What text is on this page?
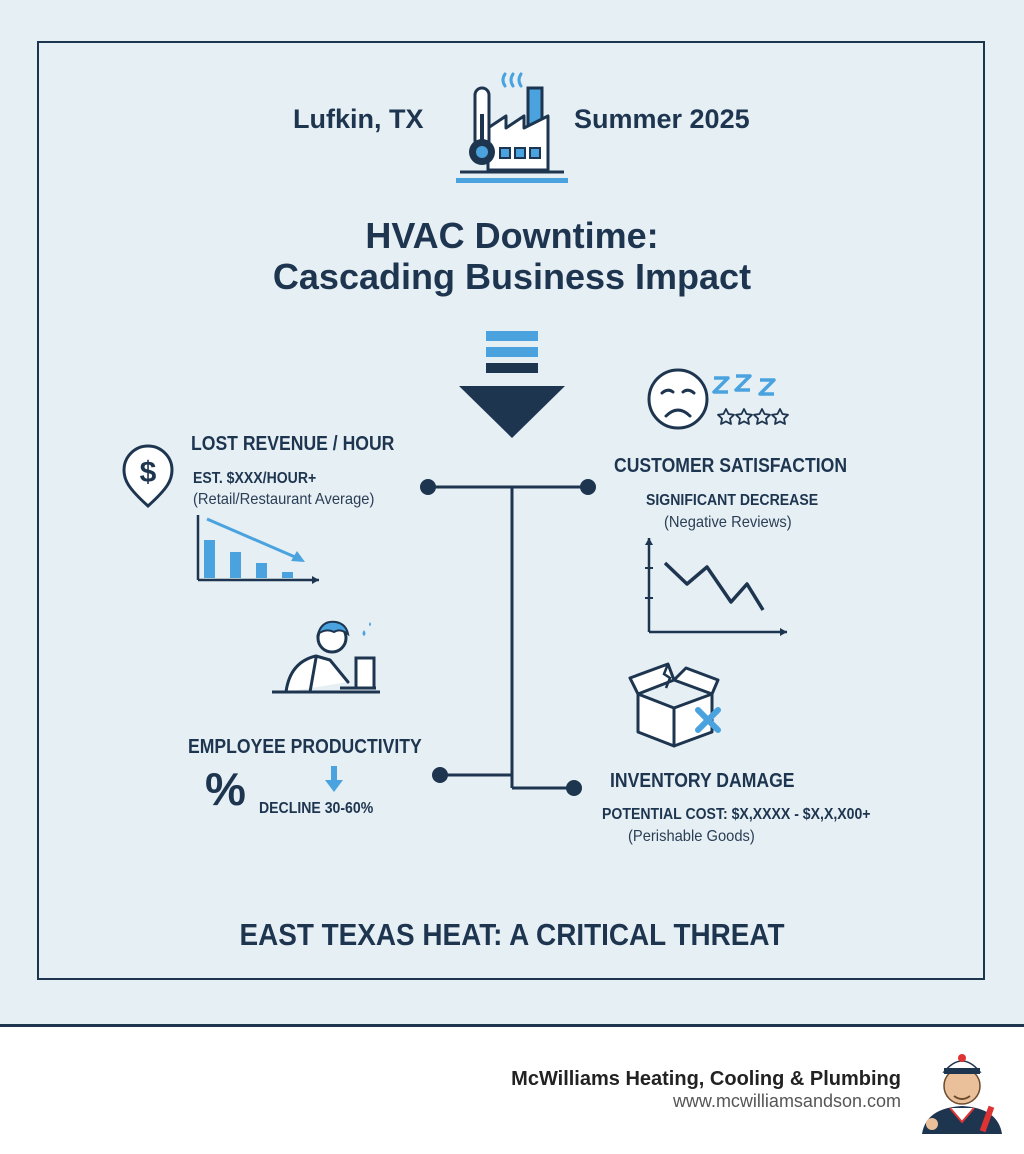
Lufkin, TX	Summer 2025
HVAC Downtime:
Cascading Business Impact
$
LOST REVENUE / HOUR
EST. $XXX/HOUR+
(Retail/Restaurant Average)
CUSTOMER SATISFACTION
SIGNIFICANT DECREASE
(Negative Reviews)
EMPLOYEE PRODUCTIVITY
% DECLINE 30-60%
INVENTORY DAMAGE
POTENTIAL COST: $X,XXXX - $X,X,X00+
(Perishable Goods)
EAST TEXAS HEAT: A CRITICAL THREAT
McWilliams Heating, Cooling & Plumbing
www.mcwilliamsandson.com
